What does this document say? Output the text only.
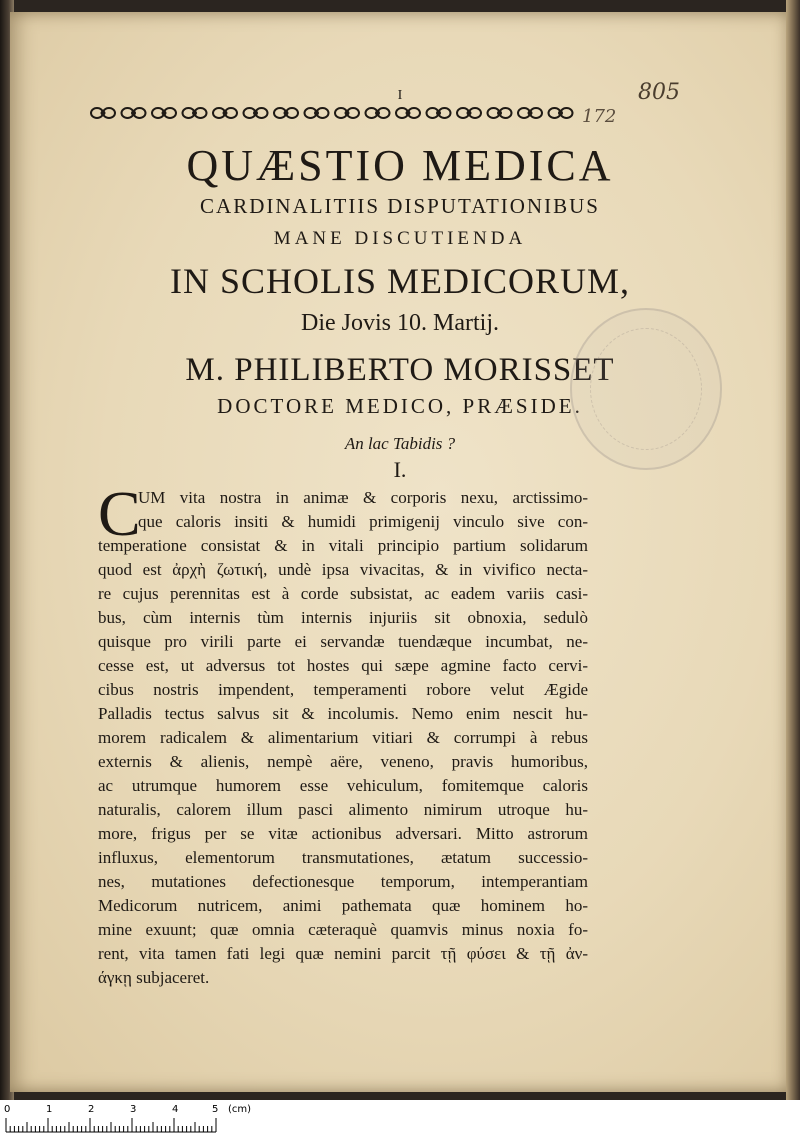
I
172
805
QUÆSTIO MEDICA
CARDINALITIIS DISPUTATIONIBUS
MANE DISCUTIENDA
IN SCHOLIS MEDICORUM,
Die Jovis 10. Martij.
M. PHILIBERTO MORISSET
DOCTORE MEDICO, PRÆSIDE.
An lac Tabidis ?
I.
C
UM vita nostra in animæ & corporis nexu, arctissimo-
que caloris insiti & humidi primigenij vinculo sive con-
temperatione consistat & in vitali principio partium solidarum
quod est ἀρχὴ ζωτική, undè ipsa vivacitas, & in vivifico necta-
re cujus perennitas est à corde subsistat, ac eadem variis casi-
bus, cùm internis tùm internis injuriis sit obnoxia, sedulò
quisque pro virili parte ei servandæ tuendæque incumbat, ne-
cesse est, ut adversus tot hostes qui sæpe agmine facto cervi-
cibus nostris impendent, temperamenti robore velut Ægide
Palladis tectus salvus sit & incolumis. Nemo enim nescit hu-
morem radicalem & alimentarium vitiari & corrumpi à rebus
externis & alienis, nempè aëre, veneno, pravis humoribus,
ac utrumque humorem esse vehiculum, fomitemque caloris
naturalis, calorem illum pasci alimento nimirum utroque hu-
more, frigus per se vitæ actionibus adversari. Mitto astrorum
influxus, elementorum transmutationes, ætatum successio-
nes, mutationes defectionesque temporum, intemperantiam
Medicorum nutricem, animi pathemata quæ hominem ho-
mine exuunt; quæ omnia cæteraquè quamvis minus noxia fo-
rent, vita tamen fati legi quæ nemini parcit τῇ φύσει & τῇ ἀν-
άγκῃ subjaceret.
0	1	2	3	4	5 (cm)
